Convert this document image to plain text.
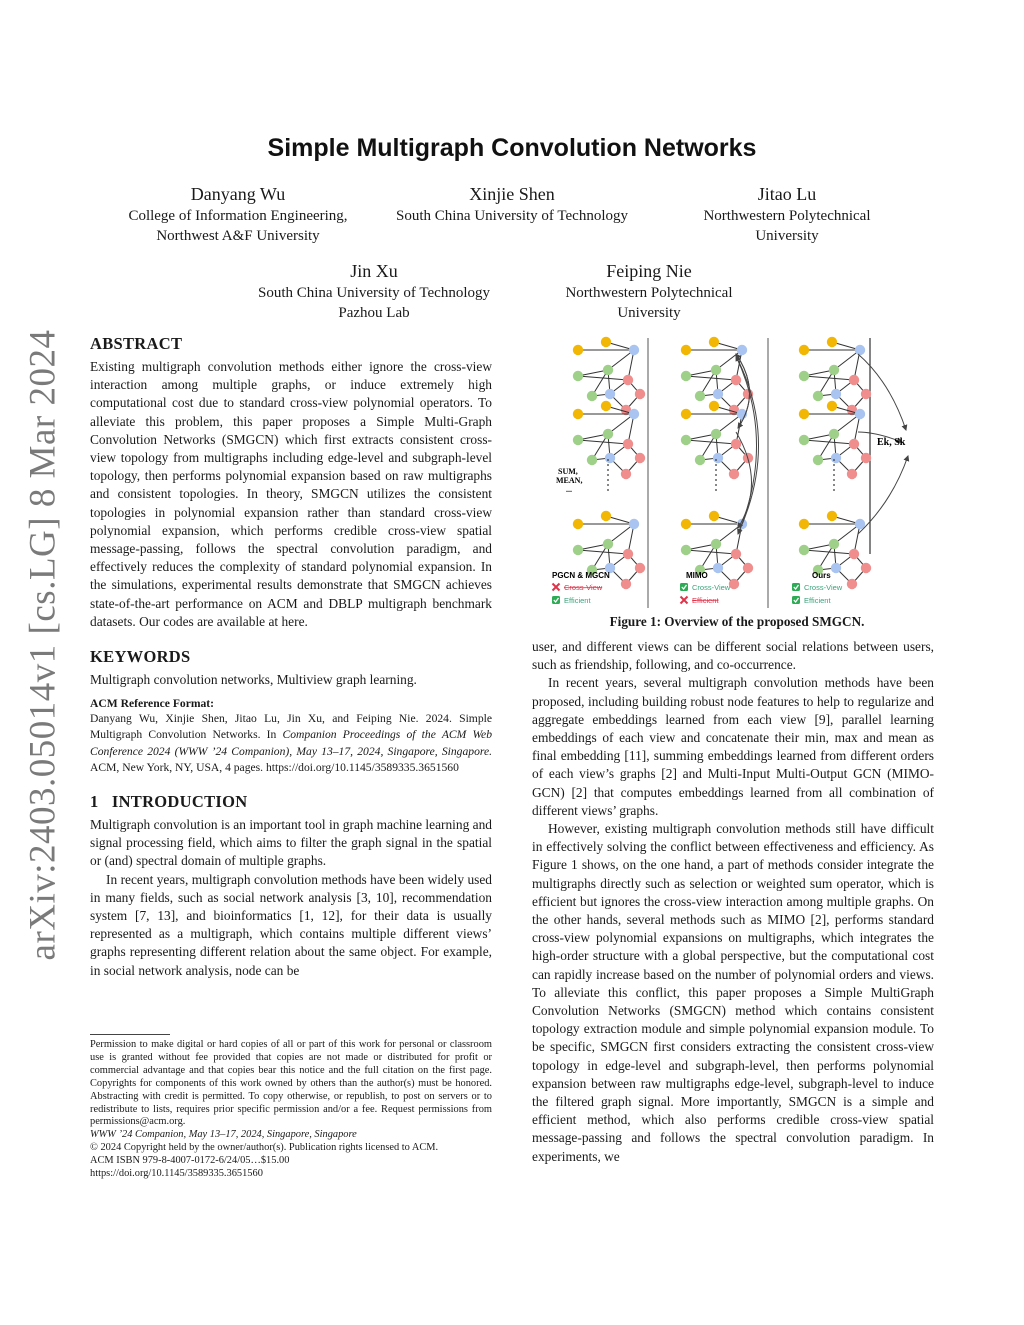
arXiv:2403.05014v1 [cs.LG] 8 Mar 2024
Simple Multigraph Convolution Networks
Danyang Wu
College of Information Engineering,
Northwest A&F University
Xinjie Shen
South China University of Technology
Jitao Lu
Northwestern Polytechnical
University
Jin Xu
South China University of Technology
Pazhou Lab
Feiping Nie
Northwestern Polytechnical
University
ABSTRACT
Existing multigraph convolution methods either ignore the cross-view interaction among multiple graphs, or induce extremely high computational cost due to standard cross-view polynomial operators. To alleviate this problem, this paper proposes a Simple Multi-Graph Convolution Networks (SMGCN) which first extracts consistent cross-view topology from multigraphs including edge-level and subgraph-level topology, then performs polynomial expansion based on raw multigraphs and consistent topologies. In theory, SMGCN utilizes the consistent topologies in polynomial expansion rather than standard cross-view polynomial expansion, which performs credible cross-view spatial message-passing, follows the spectral convolution paradigm, and effectively reduces the complexity of standard polynomial expansion. In the simulations, experimental results demonstrate that SMGCN achieves state-of-the-art performance on ACM and DBLP multigraph benchmark datasets. Our codes are available at here.
KEYWORDS
Multigraph convolution networks, Multiview graph learning.
ACM Reference Format:
Danyang Wu, Xinjie Shen, Jitao Lu, Jin Xu, and Feiping Nie. 2024. Simple Multigraph Convolution Networks. In Companion Proceedings of the ACM Web Conference 2024 (WWW ’24 Companion), May 13–17, 2024, Singapore, Singapore. ACM, New York, NY, USA, 4 pages. https://doi.org/10.1145/3589335.3651560
1 INTRODUCTION

Multigraph convolution is an important tool in graph machine learning and signal processing field, which aims to filter the graph signal in the spatial or (and) spectral domain of multiple graphs.

In recent years, multigraph convolution methods have been widely used in many fields, such as social network analysis [3, 10], recommendation system [7, 13], and bioinformatics [1, 12], for their data is usually represented as a multigraph, which contains multiple different views’ graphs representing different relation about the same object. For example, in social network analysis, node can be

Permission to make digital or hard copies of all or part of this work for personal or classroom use is granted without fee provided that copies are not made or distributed for profit or commercial advantage and that copies bear this notice and the full citation on the first page. Copyrights for components of this work owned by others than the author(s) must be honored. Abstracting with credit is permitted. To copy otherwise, or republish, to post on servers or to redistribute to lists, requires prior specific permission and/or a fee. Request permissions from permissions@acm.org.
WWW ’24 Companion, May 13–17, 2024, Singapore, Singapore
© 2024 Copyright held by the owner/author(s). Publication rights licensed to ACM.
ACM ISBN 979-8-4007-0172-6/24/05…$15.00
https://doi.org/10.1145/3589335.3651560
SUM,
MEAN,
...
Ek, Sk
PGCN & MGCN
Cross-View
Efficient
MIMO
Cross-View
Efficient
Ours
Cross-View
Efficient
Figure 1: Overview of the proposed SMGCN.

user, and different views can be different social relations between users, such as friendship, following, and co-occurrence.

In recent years, several multigraph convolution methods have been proposed, including building robust node features to help to regularize and aggregate embeddings learned from each view [9], parallel learning embeddings of each view and concatenate their min, max and mean as final embedding [11], summing embeddings learned from different orders of each view’s graphs [2] and Multi-Input Multi-Output GCN (MIMO-GCN) [2] that computes embeddings learned from all combination of different views’ graphs.

However, existing multigraph convolution methods still have difficult in effectively solving the conflict between effectiveness and efficiency. As Figure 1 shows, on the one hand, a part of methods consider integrate the multigraphs directly such as selection or weighted sum operator, which is efficient but ignores the cross-view interaction among multiple graphs. On the other hands, several methods such as MIMO [2], performs standard cross-view polynomial expansions on multigraphs, which integrates the high-order structure with a global perspective, but the computational cost can rapidly increase based on the number of polynomial orders and views. To alleviate this conflict, this paper proposes a Simple MultiGraph Convolution Networks (SMGCN) method which contains consistent topology extraction module and simple polynomial expansion module. To be specific, SMGCN first considers extracting the consistent cross-view topology in edge-level and subgraph-level, then performs polynomial expansion between raw multigraphs edge-level, subgraph-level to induce the filtered graph signal. More importantly, SMGCN is a simple and efficient method, which also performs credible cross-view spatial message-passing and follows the spectral convolution paradigm. In experiments, we
